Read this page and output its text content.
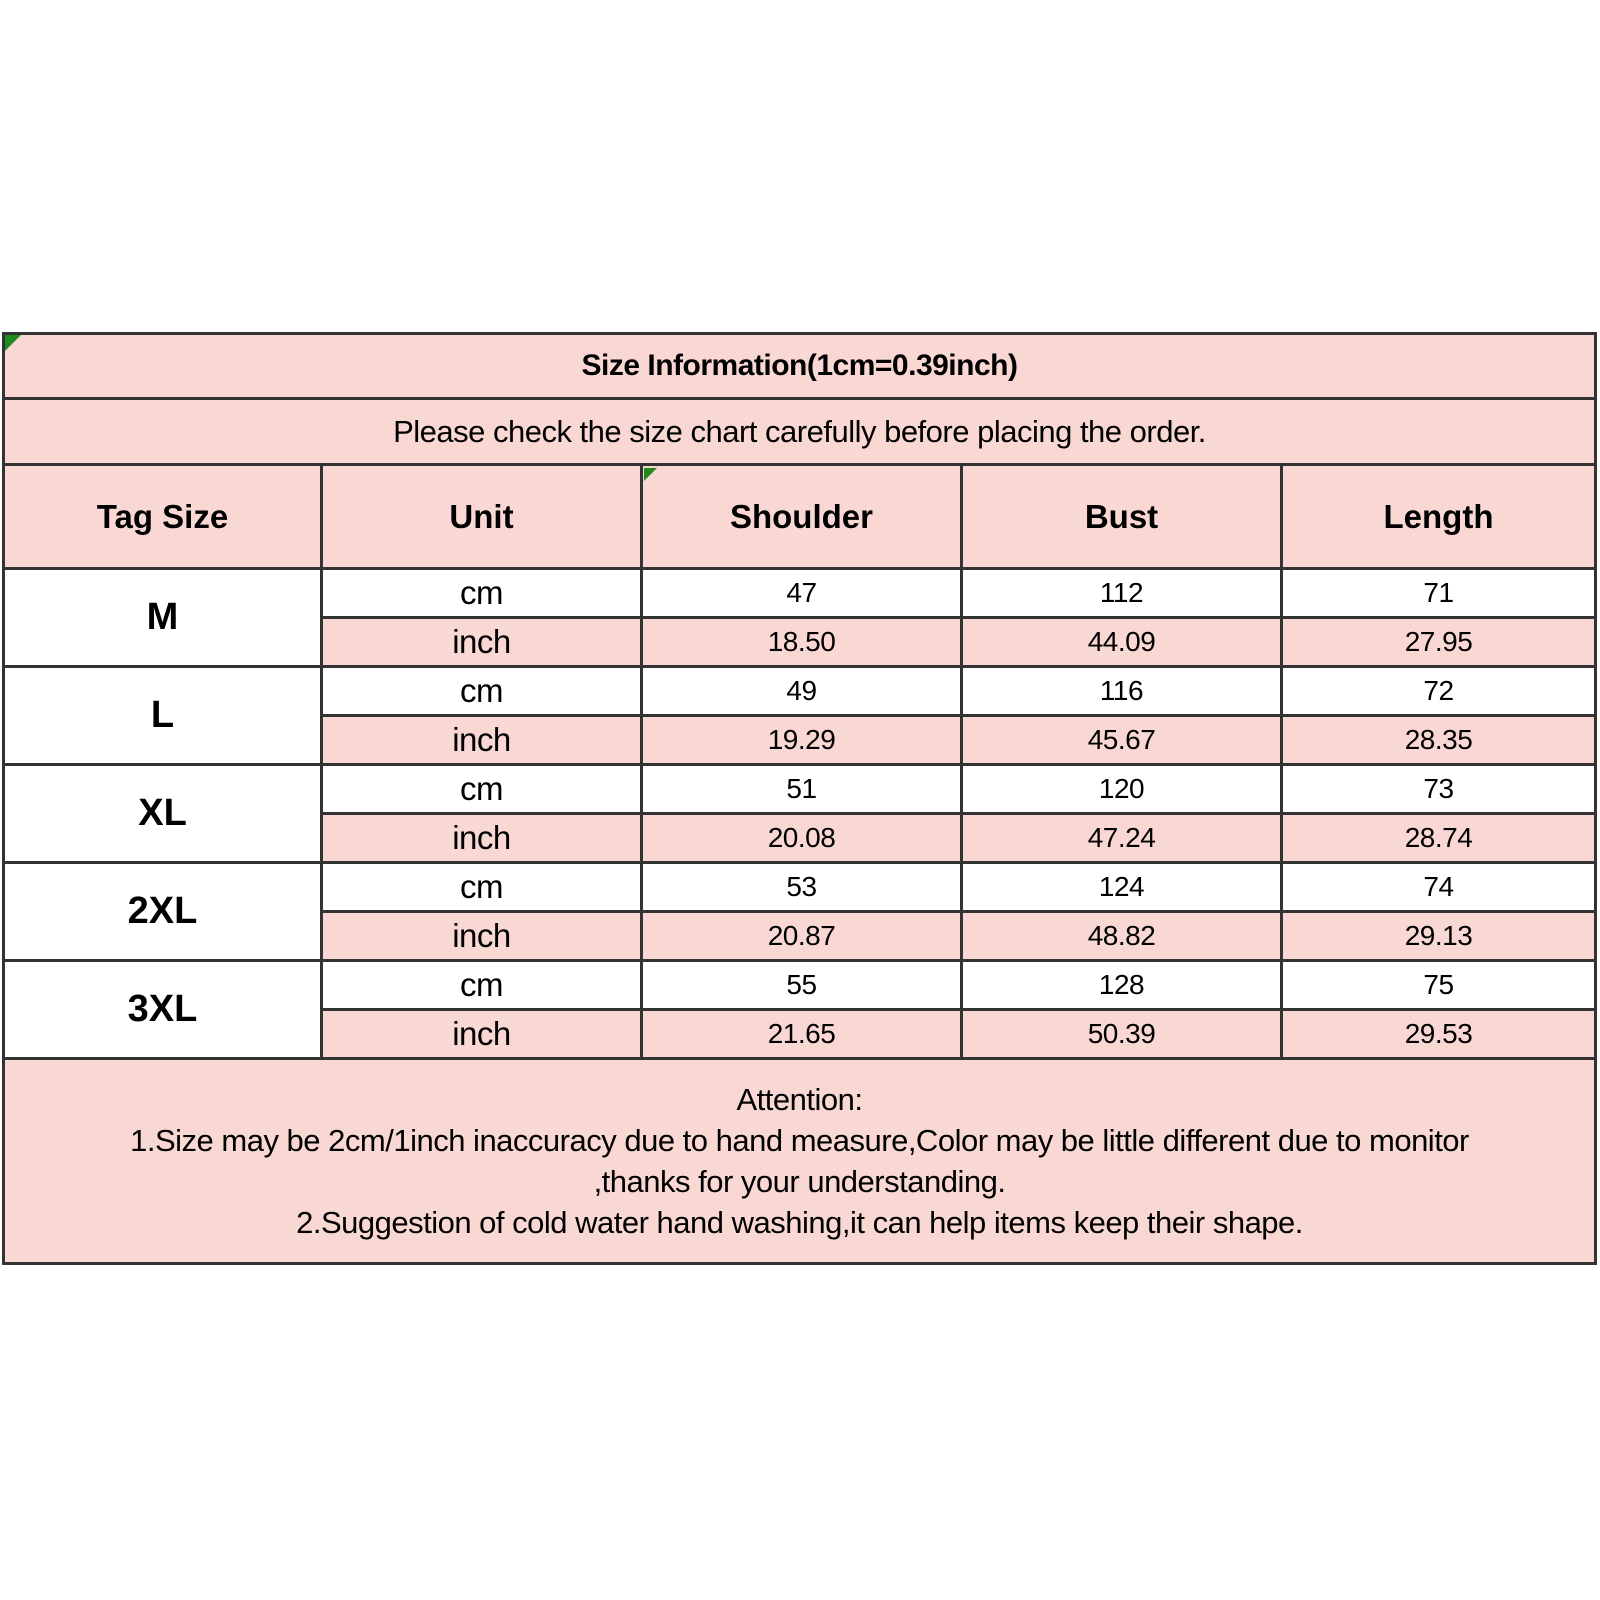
Size Information(1cm=0.39inch)				
Please check the size chart carefully before placing the order.				
Tag Size	Unit	Shoulder	Bust	Length
M	cm	47	112	71
	inch	18.50	44.09	27.95
L	cm	49	116	72
	inch	19.29	45.67	28.35
XL	cm	51	120	73
	inch	20.08	47.24	28.74
2XL	cm	53	124	74
	inch	20.87	48.82	29.13
3XL	cm	55	128	75
	inch	21.65	50.39	29.53

Attention:
1.Size may be 2cm/1inch inaccuracy due to hand measure,Color may be little different due to monitor
,thanks for your understanding.
2.Suggestion of cold water hand washing,it can help items keep their shape.				
